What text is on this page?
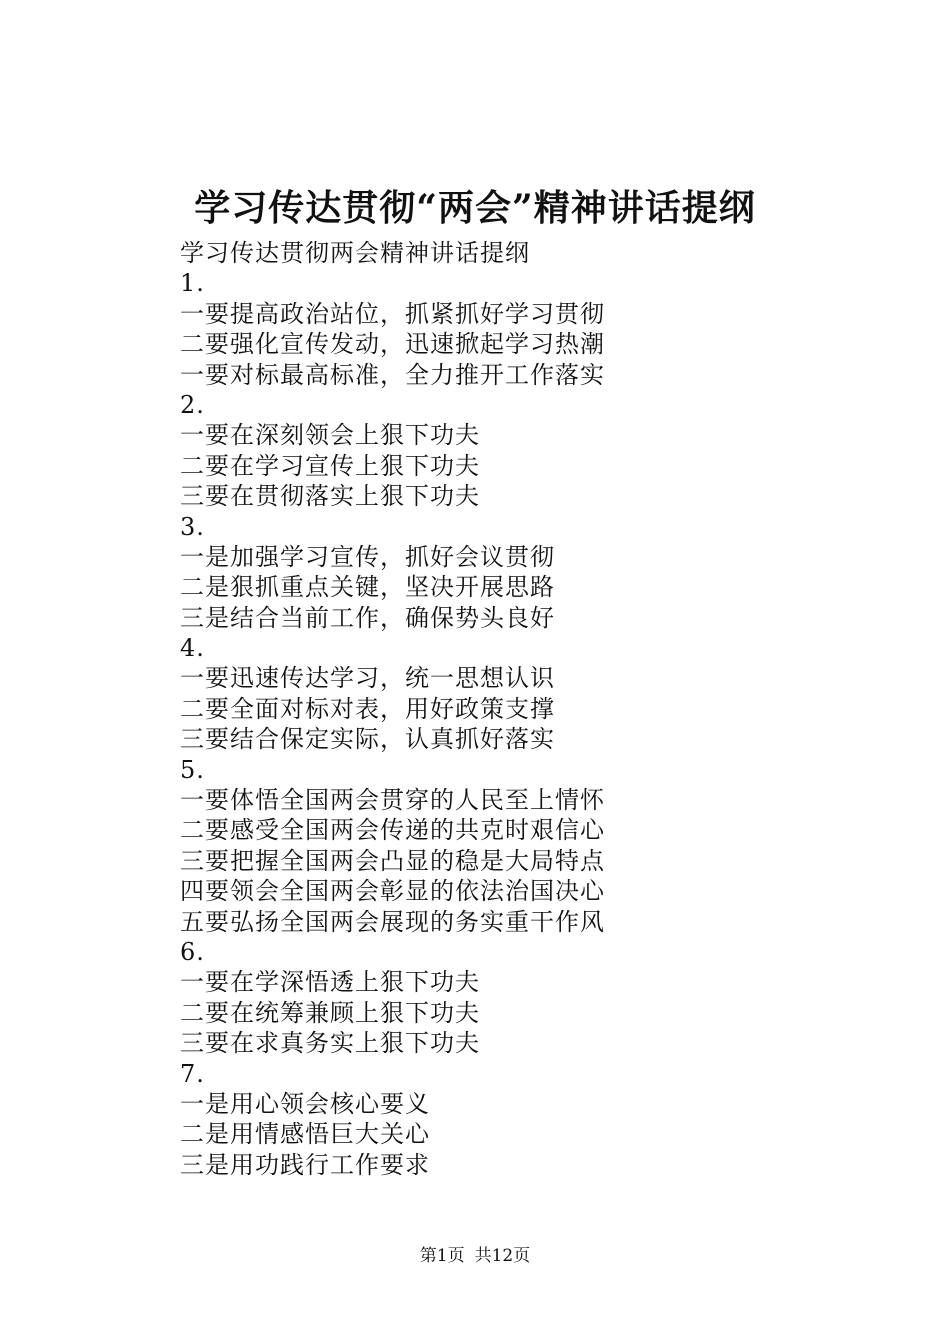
学习传达贯彻“两会”精神讲话提纲
学习传达贯彻两会精神讲话提纲
1.
一要提高政治站位，抓紧抓好学习贯彻
二要强化宣传发动，迅速掀起学习热潮
一要对标最高标准，全力推开工作落实
2.
一要在深刻领会上狠下功夫
二要在学习宣传上狠下功夫
三要在贯彻落实上狠下功夫
3.
一是加强学习宣传，抓好会议贯彻
二是狠抓重点关键，坚决开展思路
三是结合当前工作，确保势头良好
4.
一要迅速传达学习，统一思想认识
二要全面对标对表，用好政策支撑
三要结合保定实际，认真抓好落实
5.
一要体悟全国两会贯穿的人民至上情怀
二要感受全国两会传递的共克时艰信心
三要把握全国两会凸显的稳是大局特点
四要领会全国两会彰显的依法治国决心
五要弘扬全国两会展现的务实重干作风
6.
一要在学深悟透上狠下功夫
二要在统筹兼顾上狠下功夫
三要在求真务实上狠下功夫
7.
一是用心领会核心要义
二是用情感悟巨大关心
三是用功践行工作要求
第1页 共12页
